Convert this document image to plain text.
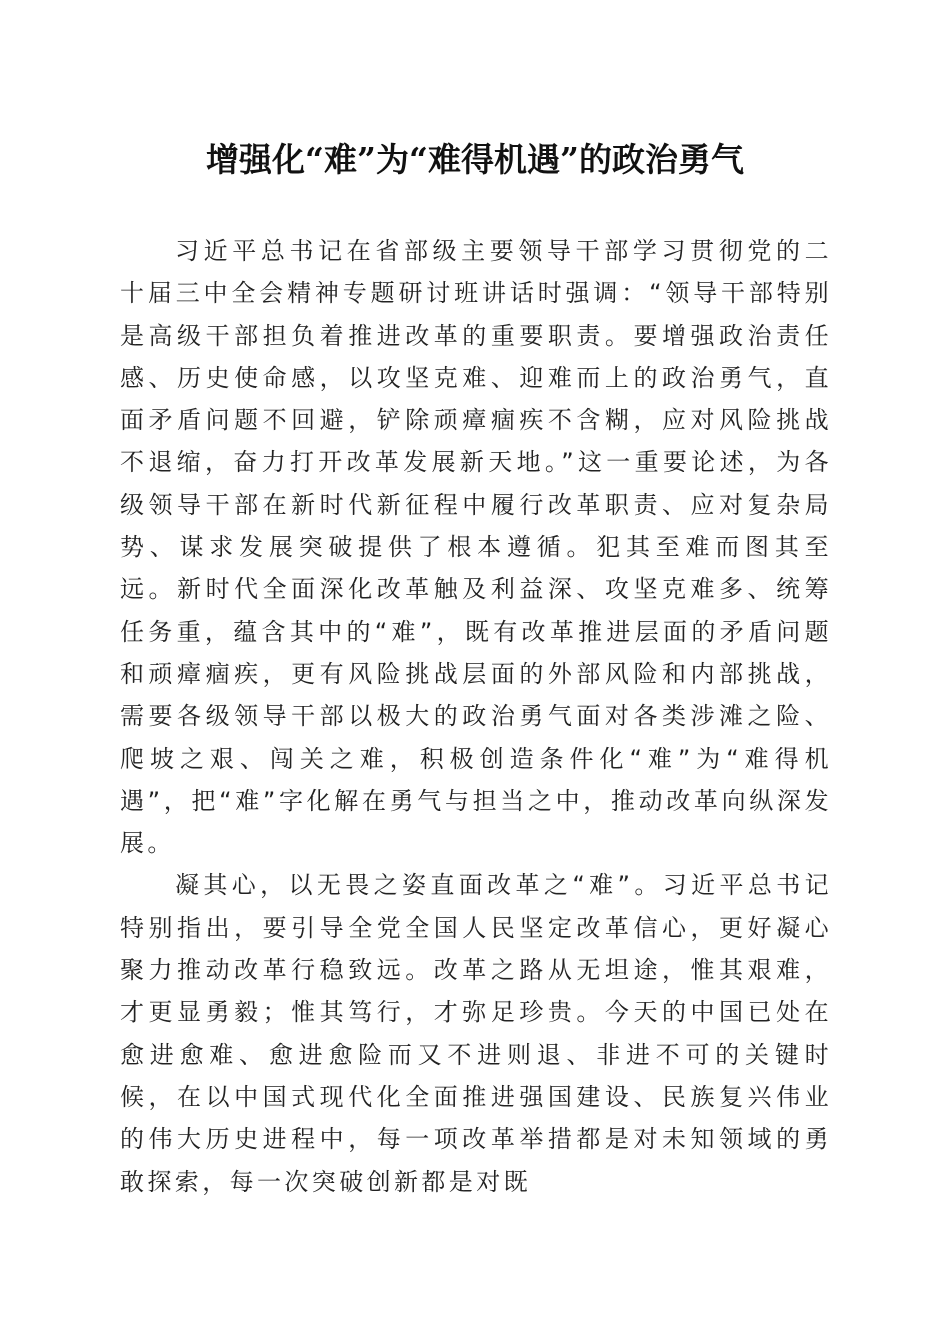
增强化“难”为“难得机遇”的政治勇气

习近平总书记在省部级主要领导干部学习贯彻党的二十届三中全会精神专题研讨班讲话时强调：“领导干部特别是高级干部担负着推进改革的重要职责。要增强政治责任感、历史使命感，以攻坚克难、迎难而上的政治勇气，直面矛盾问题不回避，铲除顽瘴痼疾不含糊，应对风险挑战不退缩，奋力打开改革发展新天地。”这一重要论述，为各级领导干部在新时代新征程中履行改革职责、应对复杂局势、谋求发展突破提供了根本遵循。犯其至难而图其至远。新时代全面深化改革触及利益深、攻坚克难多、统筹任务重，蕴含其中的“难”，既有改革推进层面的矛盾问题和顽瘴痼疾，更有风险挑战层面的外部风险和内部挑战，需要各级领导干部以极大的政治勇气面对各类涉滩之险、爬坡之艰、闯关之难，积极创造条件化“难”为“难得机遇”，把“难”字化解在勇气与担当之中，推动改革向纵深发展。

凝其心，以无畏之姿直面改革之“难”。习近平总书记特别指出，要引导全党全国人民坚定改革信心，更好凝心聚力推动改革行稳致远。改革之路从无坦途，惟其艰难，才更显勇毅；惟其笃行，才弥足珍贵。今天的中国已处在愈进愈难、愈进愈险而又不进则退、非进不可的关键时候，在以中国式现代化全面推进强国建设、民族复兴伟业的伟大历史进程中，每一项改革举措都是对未知领域的勇敢探索，每一次突破创新都是对既
